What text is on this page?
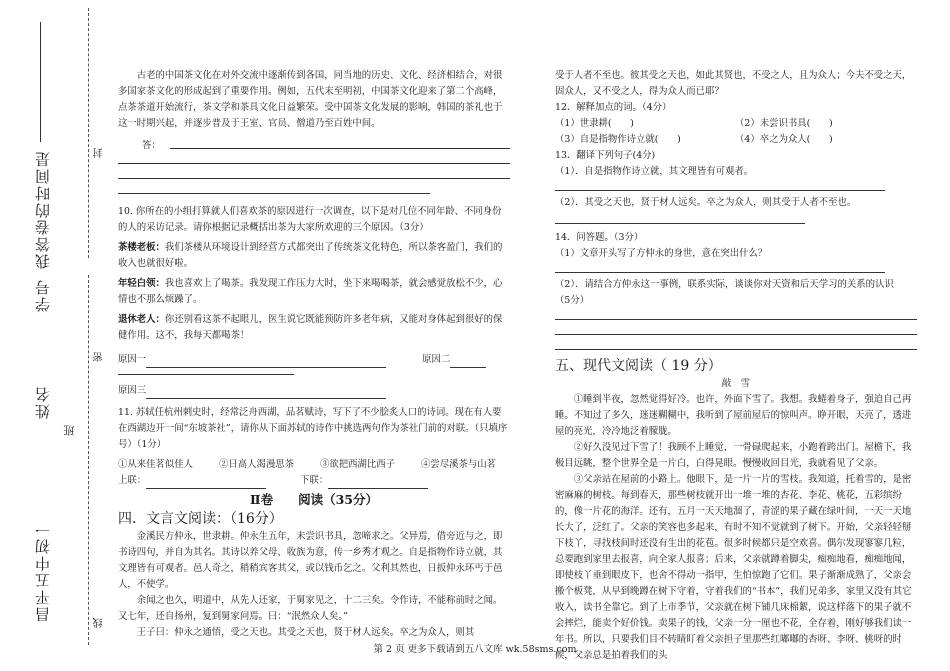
我答卷的时间是	封
学号
密
姓名
班
昌平五中初一
线

古老的中国茶文化在对外交流中逐渐传到各国，同当地的历史、文化、经济相结合，对很多国家茶文化的形成起到了重要作用。例如，五代末至明初，中国茶文化迎来了第二个高峰，点茶茶道开始流行，茶文学和茶具文化日益繁荣。受中国茶文化发展的影响，韩国的茶礼也于这一时期兴起，并逐步普及于王室、官员、僧道乃至百姓中间。

答：

10. 你所在的小组打算就人们喜欢茶的原因进行一次调查，以下是对几位不同年龄、不同身份的人的采访记录。请你根据记录概括出茶为大家所欢迎的三个原因。（3分）

茶楼老板：我们茶楼从环境设计到经营方式都突出了传统茶文化特色，所以茶客盈门，我们的收入也就很好啦。

年轻白领：我也喜欢上了喝茶。我发现工作压力大时，坐下来喝喝茶，就会感觉放松不少，心情也不那么烦躁了。

退休老人：你还别看这茶不起眼儿，医生说它既能预防许多老年病，又能对身体起到很好的保健作用。这不，我每天都喝茶！

原因一	原因二

原因三

11. 苏轼任杭州刺史时，经常泛舟西湖，品茗赋诗，写下了不少脍炙人口的诗词。现在有人要在西湖边开一间“东坡茶社”，请你从下面苏轼的诗作中挑选两句作为茶社门前的对联。（只填序号）（1分）

①从来佳茗似佳人	②日高人渴漫思茶	③欲把西湖比西子	④尝尽溪茶与山茗

上联：	下联：

Ⅱ卷　　阅读（35分）

四．文言文阅读：（16分）

金溪民方仲永，世隶耕。仲永生五年，未尝识书具，忽啼求之。父异焉，借旁近与之，即书诗四句，并自为其名。其诗以养父母、收族为意，传一乡秀才观之。自是指物作诗立就，其文理皆有可观者。邑人奇之，稍稍宾客其父，或以钱币乞之。父利其然也，日扳仲永环丐于邑人，不使学。

余闻之也久，明道中，从先人还家，于舅家见之，十二三矣。令作诗，不能称前时之闻。又七年，还自扬州，复到舅家问焉。曰：“泯然众人矣。”

王子曰：仲永之通悟，受之天也。其受之天也，贤于材人远矣。卒之为众人，则其

受于人者不至也。彼其受之天也，如此其贤也，不受之人，且为众人；今夫不受之天，固众人，又不受之人，得为众人而已耶？

12．解释加点的词。（4分）

（1）世隶耕(　　)	（2）未尝识书具(　　)

（3）自是指物作诗立就(　　)	（4）卒之为众人(　　)

13．翻译下列句子(4分)

（1）．自是指物作诗立就，其文理皆有可观者。

（2）．其受之天也，贤于材人远矣。卒之为众人，则其受于人者不至也。

14．问答题。（3分）

（1）文章开头写了方仲永的身世，意在突出什么？

（2）．请结合方仲永这一事例，联系实际，谈谈你对天资和后天学习的关系的认识

（5分）

五、现代文阅读（ 19 分）

敲　雪

①睡到半夜，忽然觉得好冷。也许，外面下雪了。我想。我蜷着身子，强迫自己再睡。不知过了多久，迷迷糊糊中，我听到了屋前屋后的惊叫声。睁开眼，天亮了，透进屋的亮光，冷冷地泛着朦胧。

②好久没见过下雪了！我顾不上睡觉，一骨碌爬起来，小跑着跨出门。屋檐下，我极目远眺，整个世界全是一片白，白得晃眼。慢慢收回目光，我就看见了父亲。

③父亲站在屋前的小路上。他眼下，是一片一片的雪枝。我知道，托着雪的，是密密麻麻的树枝。每到春天，那些树枝就开出一堆一堆的杏花、李花、桃花，五彩缤纷的，像一片花的海洋。还有，五月一天天地溜了，青涩的果子藏在绿叶间，一天一天地长大了，泛红了。父亲的笑容也多起来，有时不知不觉就到了树下。开始，父亲轻轻掰下枝丫，寻找枝间时还没有生出的花苞。很多时候都只是空欢喜。偶尔发现寥寥几粒，总要跑到家里去报喜，向全家人报喜；后来，父亲就蹲着脚尖，痴痴地看，痴痴地闻，即使枝丫垂到眼皮下，也舍不得动一指甲，生怕惊跑了它们。果子渐渐成熟了，父亲会搬个板凳，从早到晚蹲在树下守着，守着我们的“书本”，我们兄弟多，家里又没有其它收入，读书全靠它。到了上市季节，父亲就在树下铺几床棉絮，说这样落下的果子就不会摔烂，能卖个好价钱。卖果子的钱，父亲一分一厘也不花，全存着，刚好够我们读一年书。所以，只要我们目不转睛盯着父亲担子里那些红嘟嘟的杏呀、李呀、桃呀的时候，父亲总是拍着我们的头

第 2 页 更多下载请到五八文库 wk.58sms.com
